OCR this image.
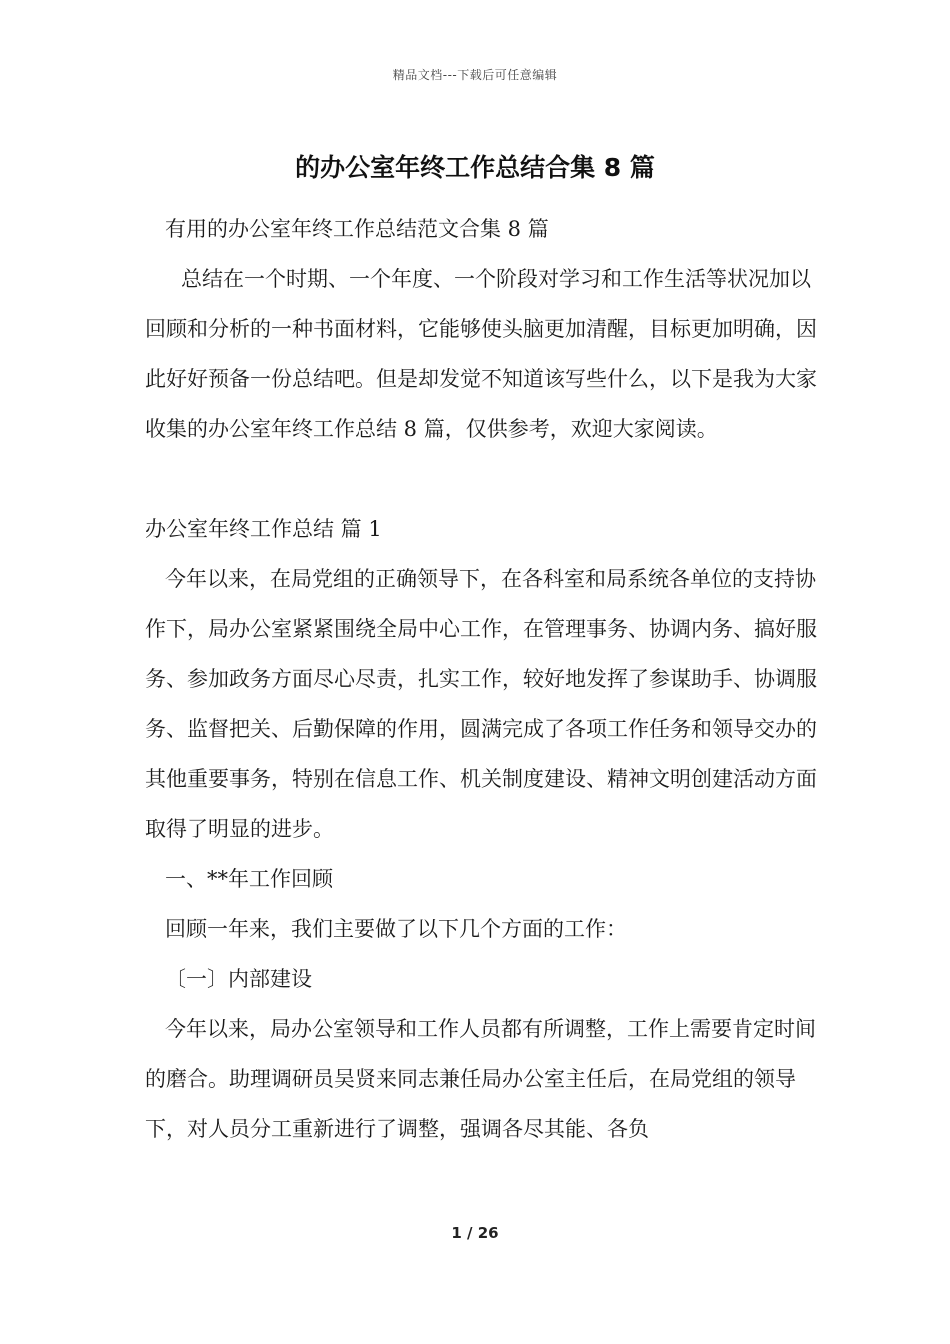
精品文档---下载后可任意编辑
的办公室年终工作总结合集 8 篇

有用的办公室年终工作总结范文合集 8 篇

总结在一个时期、一个年度、一个阶段对学习和工作生活等状况加以回顾和分析的一种书面材料，它能够使头脑更加清醒，目标更加明确，因此好好预备一份总结吧。但是却发觉不知道该写些什么，以下是我为大家收集的办公室年终工作总结 8 篇，仅供参考，欢迎大家阅读。

办公室年终工作总结 篇 1

今年以来，在局党组的正确领导下，在各科室和局系统各单位的支持协作下，局办公室紧紧围绕全局中心工作，在管理事务、协调内务、搞好服务、参加政务方面尽心尽责，扎实工作，较好地发挥了参谋助手、协调服务、监督把关、后勤保障的作用，圆满完成了各项工作任务和领导交办的其他重要事务，特别在信息工作、机关制度建设、精神文明创建活动方面取得了明显的进步。

一、**年工作回顾

回顾一年来，我们主要做了以下几个方面的工作：

〔一〕内部建设

今年以来，局办公室领导和工作人员都有所调整，工作上需要肯定时间的磨合。助理调研员吴贤来同志兼任局办公室主任后，在局党组的领导下，对人员分工重新进行了调整，强调各尽其能、各负

1 / 26
